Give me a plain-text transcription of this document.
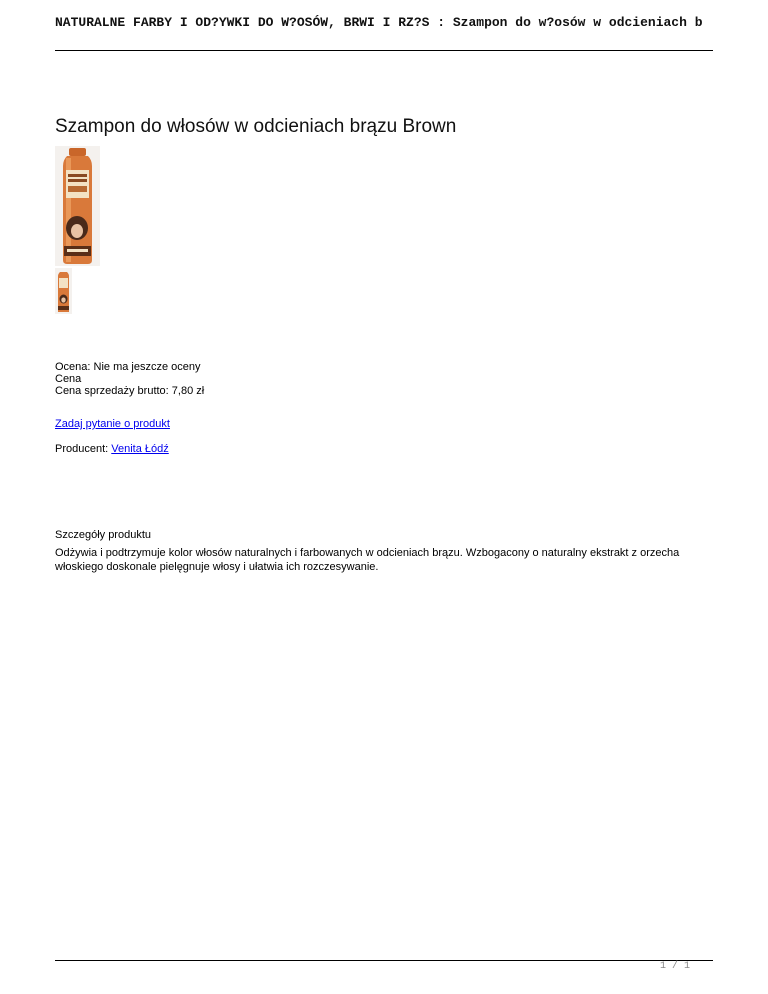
NATURALNE FARBY I OD?YWKI DO W?OSÓW, BRWI I RZ?S : Szampon do w?osów w odcieniach b
Szampon do włosów w odcieniach brązu Brown
Ocena: Nie ma jeszcze oceny
Cena
Cena sprzedaży brutto: 7,80 zł
Zadaj pytanie o produkt
Producent: Venita Łódź
Szczegóły produktu
Odżywia i podtrzymuje kolor włosów naturalnych i farbowanych w odcieniach brązu. Wzbogacony o naturalny ekstrakt z orzecha włoskiego doskonale pielęgnuje włosy i ułatwia ich rozczesywanie.
1 / 1
